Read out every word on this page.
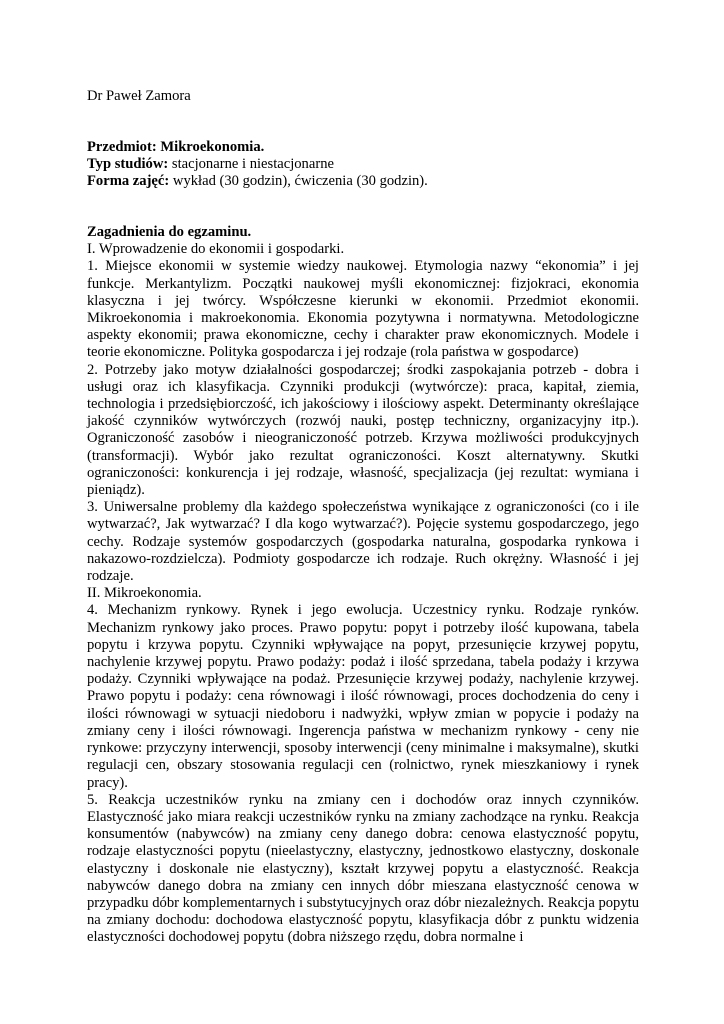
Dr Paweł Zamora

Przedmiot: Mikroekonomia.

Typ studiów: stacjonarne i niestacjonarne

Forma zajęć: wykład (30 godzin), ćwiczenia (30 godzin).

Zagadnienia do egzaminu.

I. Wprowadzenie do ekonomii i gospodarki.

1. Miejsce ekonomii w systemie wiedzy naukowej. Etymologia nazwy “ekonomia” i jej funkcje. Merkantylizm. Początki naukowej myśli ekonomicznej: fizjokraci, ekonomia klasyczna i jej twórcy. Współczesne kierunki w ekonomii. Przedmiot ekonomii. Mikroekonomia i makroekonomia. Ekonomia pozytywna i normatywna. Metodologiczne aspekty ekonomii; prawa ekonomiczne, cechy i charakter praw ekonomicznych. Modele i teorie ekonomiczne. Polityka gospodarcza i jej rodzaje (rola państwa w gospodarce)

2. Potrzeby jako motyw działalności gospodarczej; środki zaspokajania potrzeb - dobra i usługi oraz ich klasyfikacja. Czynniki produkcji (wytwórcze): praca, kapitał, ziemia, technologia i przedsiębiorczość, ich jakościowy i ilościowy aspekt. Determinanty określające jakość czynników wytwórczych (rozwój nauki, postęp techniczny, organizacyjny itp.). Ograniczoność zasobów i nieograniczoność potrzeb. Krzywa możliwości produkcyjnych (transformacji). Wybór jako rezultat ograniczoności. Koszt alternatywny. Skutki ograniczoności: konkurencja i jej rodzaje, własność, specjalizacja (jej rezultat: wymiana i pieniądz).

3. Uniwersalne problemy dla każdego społeczeństwa wynikające z ograniczoności (co i ile wytwarzać?, Jak wytwarzać? I dla kogo wytwarzać?). Pojęcie systemu gospodarczego, jego cechy. Rodzaje systemów gospodarczych (gospodarka naturalna, gospodarka rynkowa i nakazowo-rozdzielcza). Podmioty gospodarcze ich rodzaje. Ruch okrężny. Własność i jej rodzaje.

II. Mikroekonomia.

4. Mechanizm rynkowy. Rynek i jego ewolucja. Uczestnicy rynku. Rodzaje rynków. Mechanizm rynkowy jako proces. Prawo popytu: popyt i potrzeby ilość kupowana, tabela popytu i krzywa popytu. Czynniki wpływające na popyt, przesunięcie krzywej popytu, nachylenie krzywej popytu. Prawo podaży: podaż i ilość sprzedana, tabela podaży i krzywa podaży. Czynniki wpływające na podaż. Przesunięcie krzywej podaży, nachylenie krzywej. Prawo popytu i podaży: cena równowagi i ilość równowagi, proces dochodzenia do ceny i ilości równowagi w sytuacji niedoboru i nadwyżki, wpływ zmian w popycie i podaży na zmiany ceny i ilości równowagi. Ingerencja państwa w mechanizm rynkowy - ceny nie rynkowe: przyczyny interwencji, sposoby interwencji (ceny minimalne i maksymalne), skutki regulacji cen, obszary stosowania regulacji cen (rolnictwo, rynek mieszkaniowy i rynek pracy).

5. Reakcja uczestników rynku na zmiany cen i dochodów oraz innych czynników. Elastyczność jako miara reakcji uczestników rynku na zmiany zachodzące na rynku. Reakcja konsumentów (nabywców) na zmiany ceny danego dobra: cenowa elastyczność popytu, rodzaje elastyczności popytu (nieelastyczny, elastyczny, jednostkowo elastyczny, doskonale elastyczny i doskonale nie elastyczny), kształt krzywej popytu a elastyczność. Reakcja nabywców danego dobra na zmiany cen innych dóbr mieszana elastyczność cenowa w przypadku dóbr komplementarnych i substytucyjnych oraz dóbr niezależnych. Reakcja popytu na zmiany dochodu: dochodowa elastyczność popytu, klasyfikacja dóbr z punktu widzenia elastyczności dochodowej popytu (dobra niższego rzędu, dobra normalne i
